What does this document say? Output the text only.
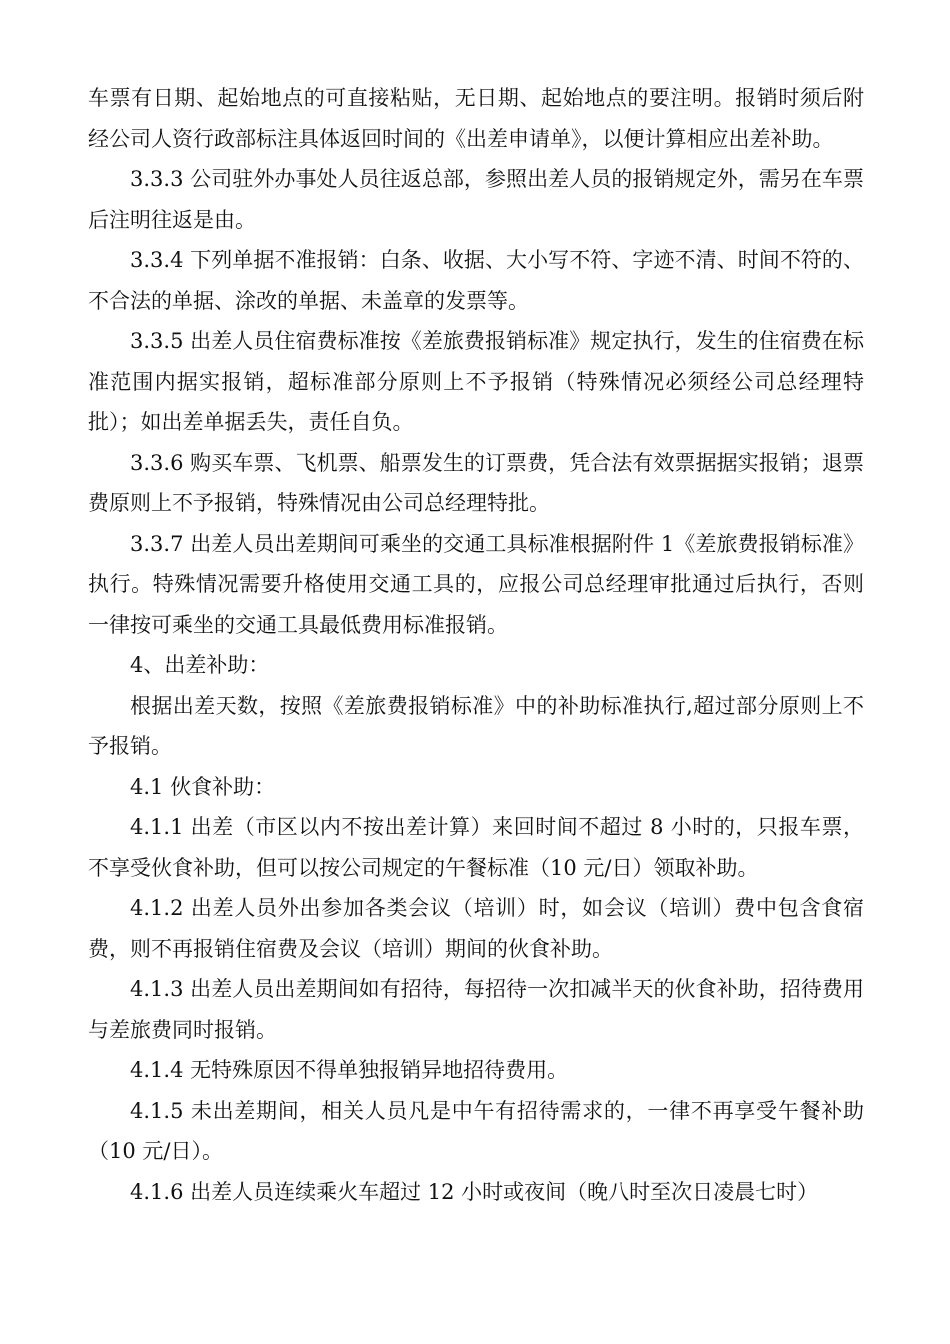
车票有日期、起始地点的可直接粘贴，无日期、起始地点的要注明。报销时须后附经公司人资行政部标注具体返回时间的《出差申请单》，以便计算相应出差补助。

3.3.3 公司驻外办事处人员往返总部，参照出差人员的报销规定外，需另在车票后注明往返是由。

3.3.4 下列单据不准报销：白条、收据、大小写不符、字迹不清、时间不符的、不合法的单据、涂改的单据、未盖章的发票等。

3.3.5 出差人员住宿费标准按《差旅费报销标准》规定执行，发生的住宿费在标准范围内据实报销，超标准部分原则上不予报销（特殊情况必须经公司总经理特批）；如出差单据丢失，责任自负。

3.3.6 购买车票、飞机票、船票发生的订票费，凭合法有效票据据实报销；退票费原则上不予报销，特殊情况由公司总经理特批。

3.3.7 出差人员出差期间可乘坐的交通工具标准根据附件 1《差旅费报销标准》执行。特殊情况需要升格使用交通工具的，应报公司总经理审批通过后执行，否则一律按可乘坐的交通工具最低费用标准报销。

4、出差补助：

根据出差天数，按照《差旅费报销标准》中的补助标准执行,超过部分原则上不予报销。

4.1 伙食补助：

4.1.1 出差（市区以内不按出差计算）来回时间不超过 8 小时的，只报车票，不享受伙食补助，但可以按公司规定的午餐标准（10 元/日）领取补助。

4.1.2 出差人员外出参加各类会议（培训）时，如会议（培训）费中包含食宿费，则不再报销住宿费及会议（培训）期间的伙食补助。

4.1.3 出差人员出差期间如有招待，每招待一次扣减半天的伙食补助，招待费用与差旅费同时报销。

4.1.4 无特殊原因不得单独报销异地招待费用。

4.1.5 未出差期间，相关人员凡是中午有招待需求的，一律不再享受午餐补助（10 元/日）。

4.1.6 出差人员连续乘火车超过 12 小时或夜间（晚八时至次日凌晨七时）
